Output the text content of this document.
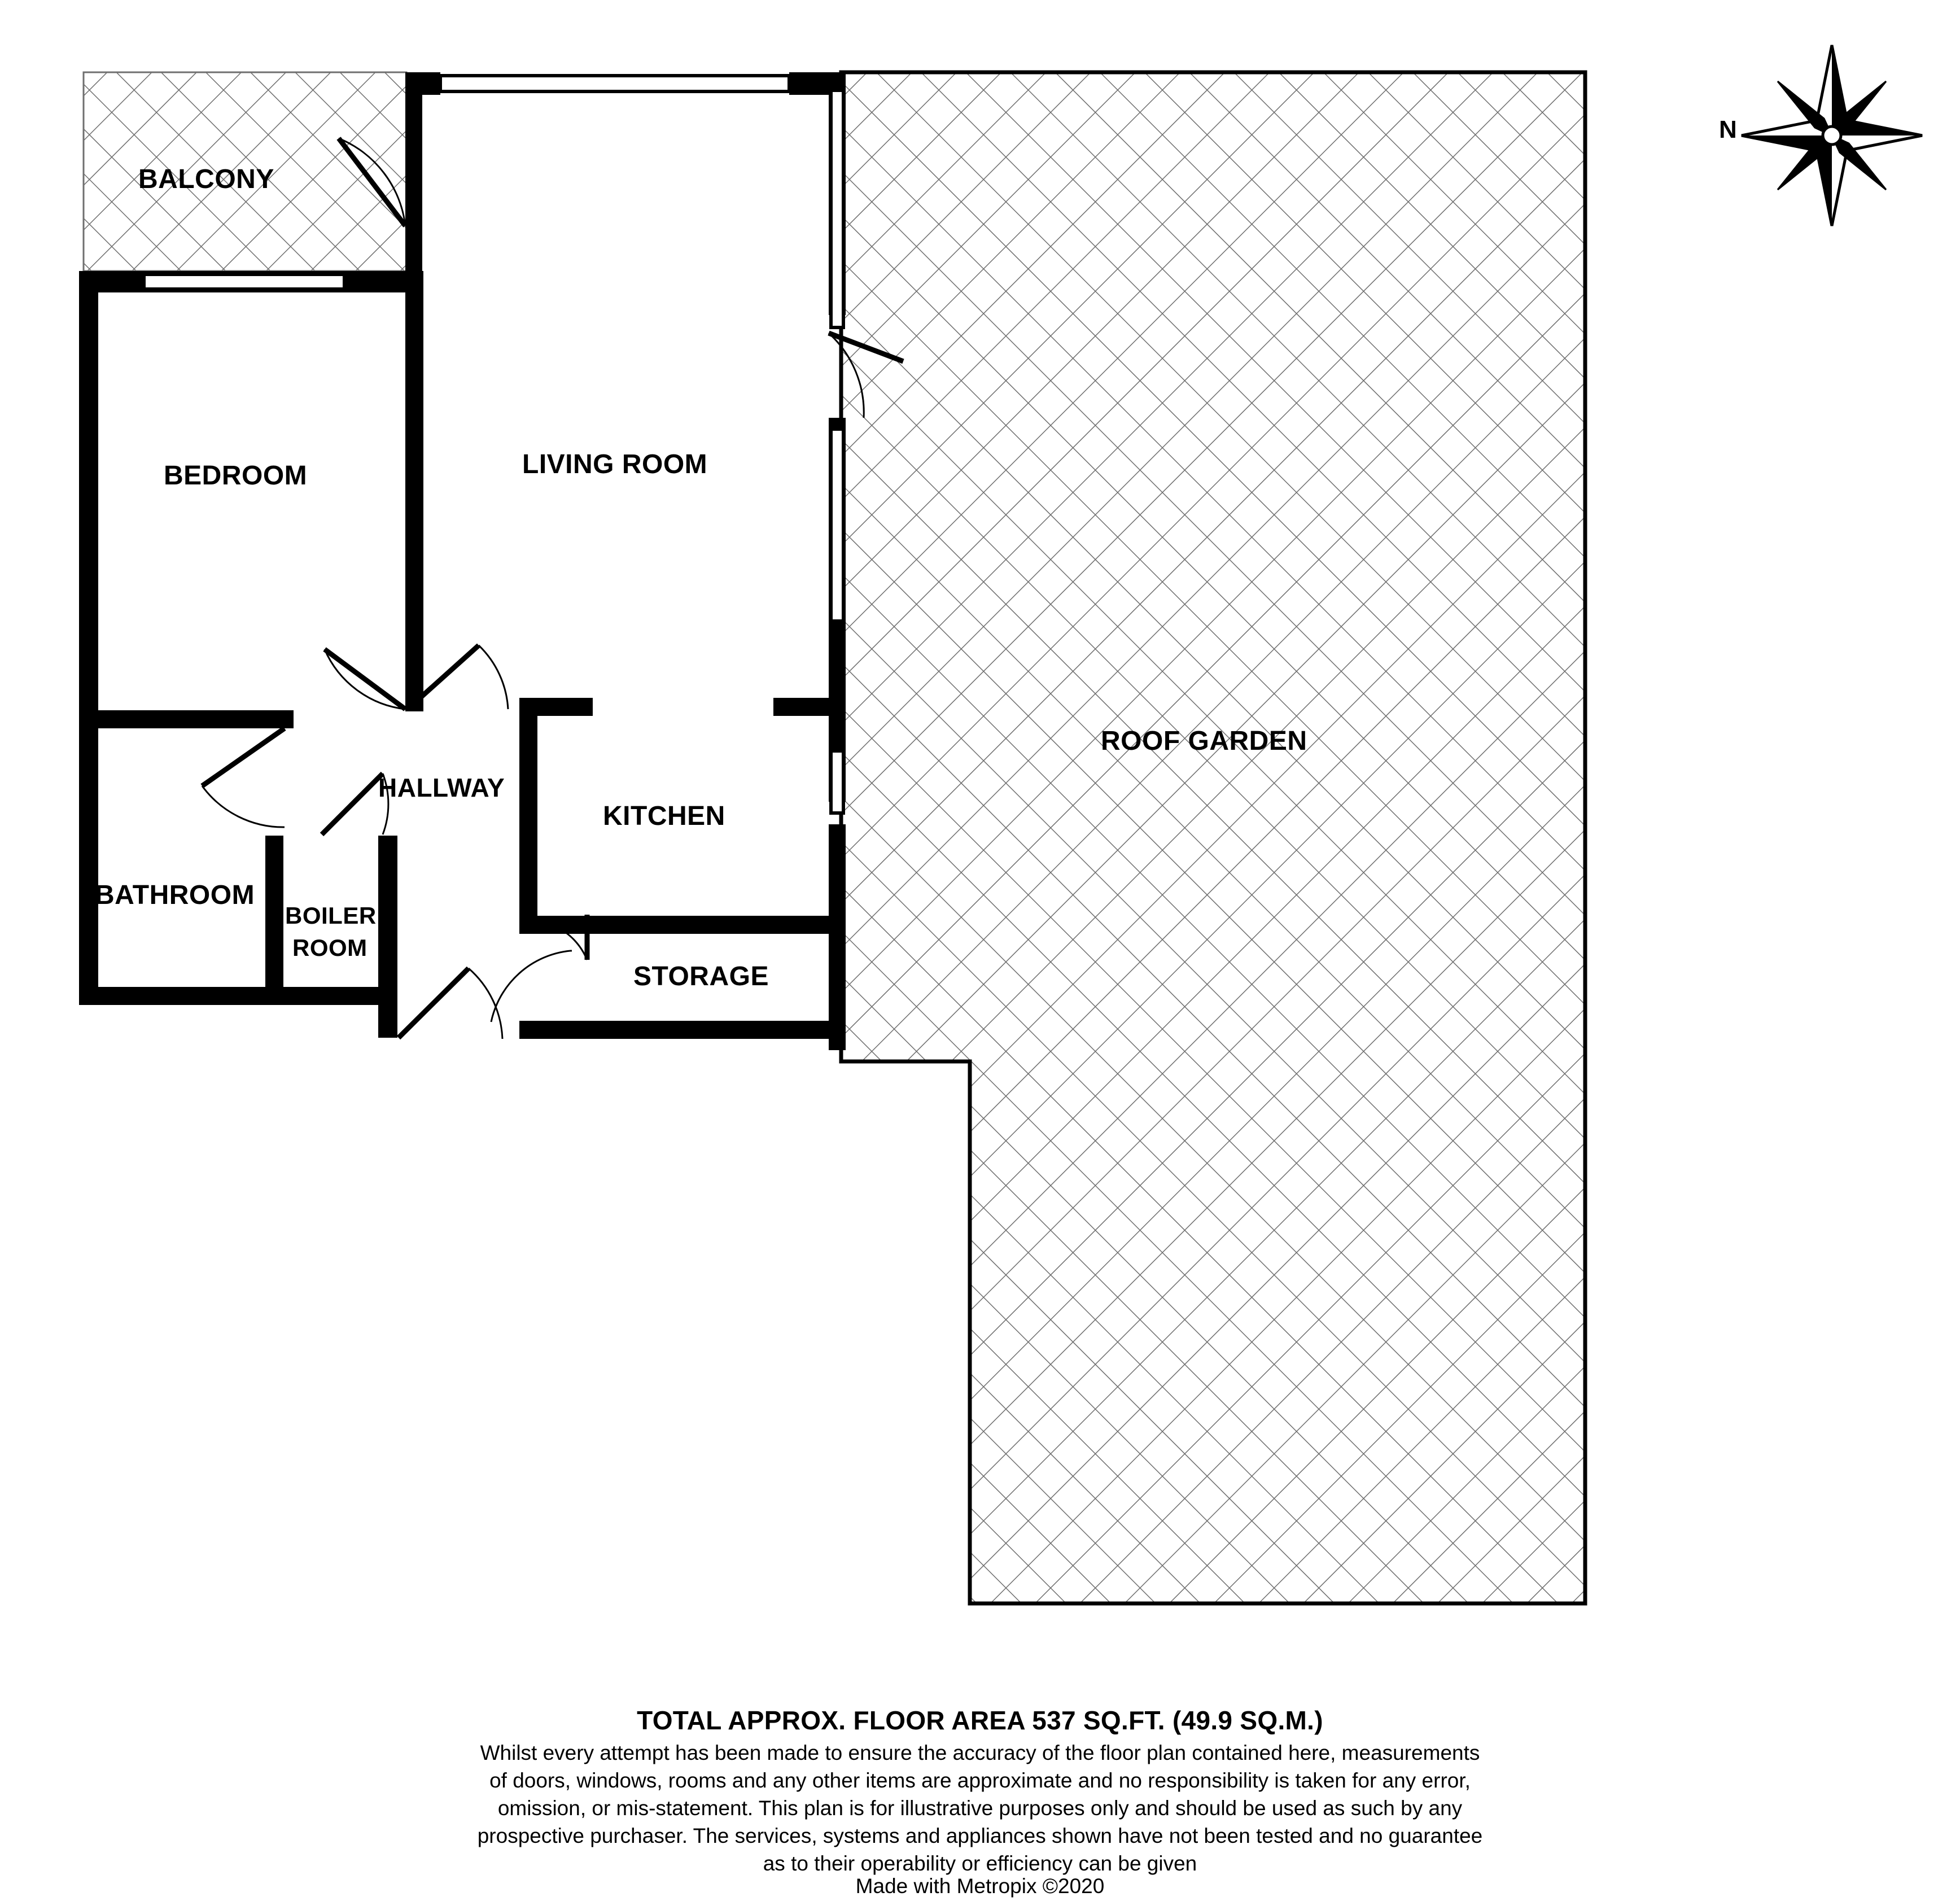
BALCONY
BEDROOM	LIVING ROOM
ROOF GARDEN
HALLWAY
KITCHEN
BATHROOM
BOILER
ROOM
STORAGE
N
TOTAL APPROX. FLOOR AREA 537 SQ.FT. (49.9 SQ.M.)
Whilst every attempt has been made to ensure the accuracy of the floor plan contained here, measurements
of doors, windows, rooms and any other items are approximate and no responsibility is taken for any error,
omission, or mis-statement. This plan is for illustrative purposes only and should be used as such by any
prospective purchaser. The services, systems and appliances shown have not been tested and no guarantee
as to their operability or efficiency can be given
Made with Metropix ©2020
